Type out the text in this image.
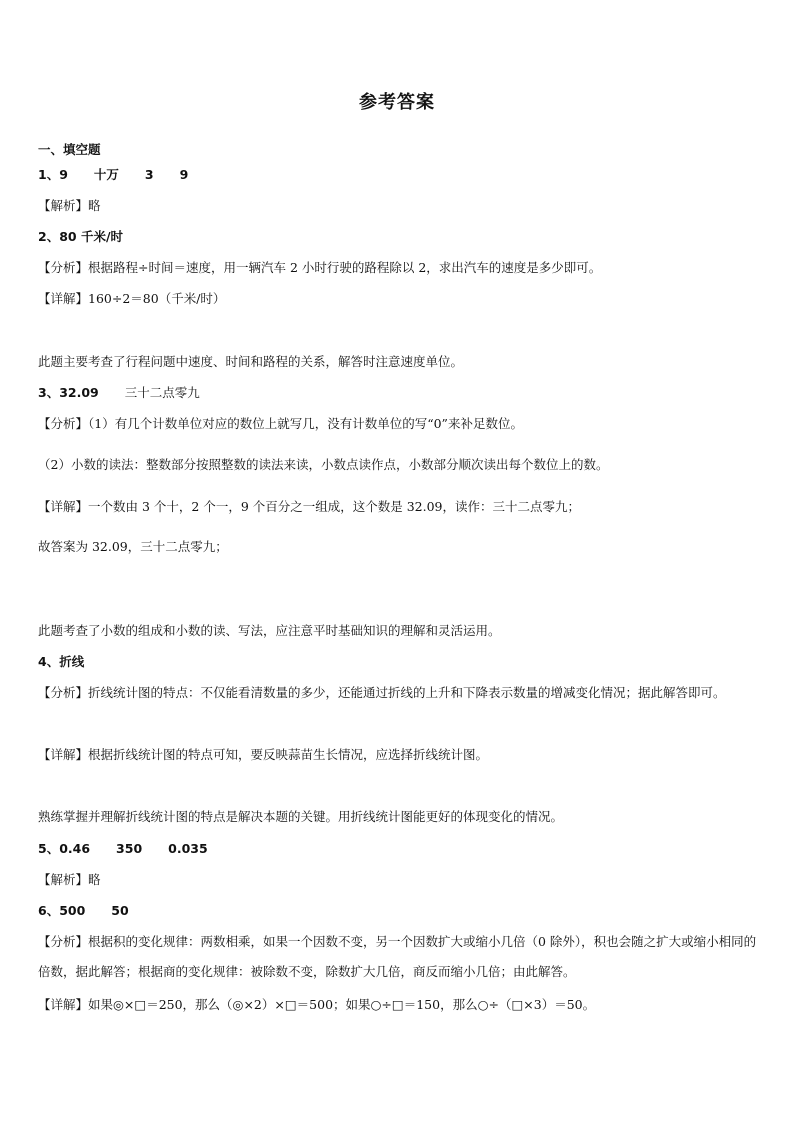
参考答案
一、填空题
1、9 十万 3 9
【解析】略
2、80 千米/时
【分析】根据路程÷时间＝速度，用一辆汽车 2 小时行驶的路程除以 2，求出汽车的速度是多少即可。
【详解】160÷2＝80（千米/时）
此题主要考查了行程问题中速度、时间和路程的关系，解答时注意速度单位。
3、32.09 三十二点零九
【分析】（1）有几个计数单位对应的数位上就写几，没有计数单位的写“0”来补足数位。
（2）小数的读法：整数部分按照整数的读法来读，小数点读作点，小数部分顺次读出每个数位上的数。
【详解】一个数由 3 个十，2 个一，9 个百分之一组成，这个数是 32.09，读作：三十二点零九；
故答案为 32.09，三十二点零九；
此题考查了小数的组成和小数的读、写法，应注意平时基础知识的理解和灵活运用。
4、折线
【分析】折线统计图的特点：不仅能看清数量的多少，还能通过折线的上升和下降表示数量的增减变化情况；据此解答即可。
【详解】根据折线统计图的特点可知，要反映蒜苗生长情况，应选择折线统计图。
熟练掌握并理解折线统计图的特点是解决本题的关键。用折线统计图能更好的体现变化的情况。
5、0.46 350 0.035
【解析】略
6、500 50
【分析】根据积的变化规律：两数相乘，如果一个因数不变，另一个因数扩大或缩小几倍（0 除外），积也会随之扩大或缩小相同的倍数，据此解答；根据商的变化规律：被除数不变，除数扩大几倍，商反而缩小几倍；由此解答。
【详解】如果◎×□＝250，那么（◎×2）×□＝500；如果○÷□＝150，那么○÷（□×3）＝50。
